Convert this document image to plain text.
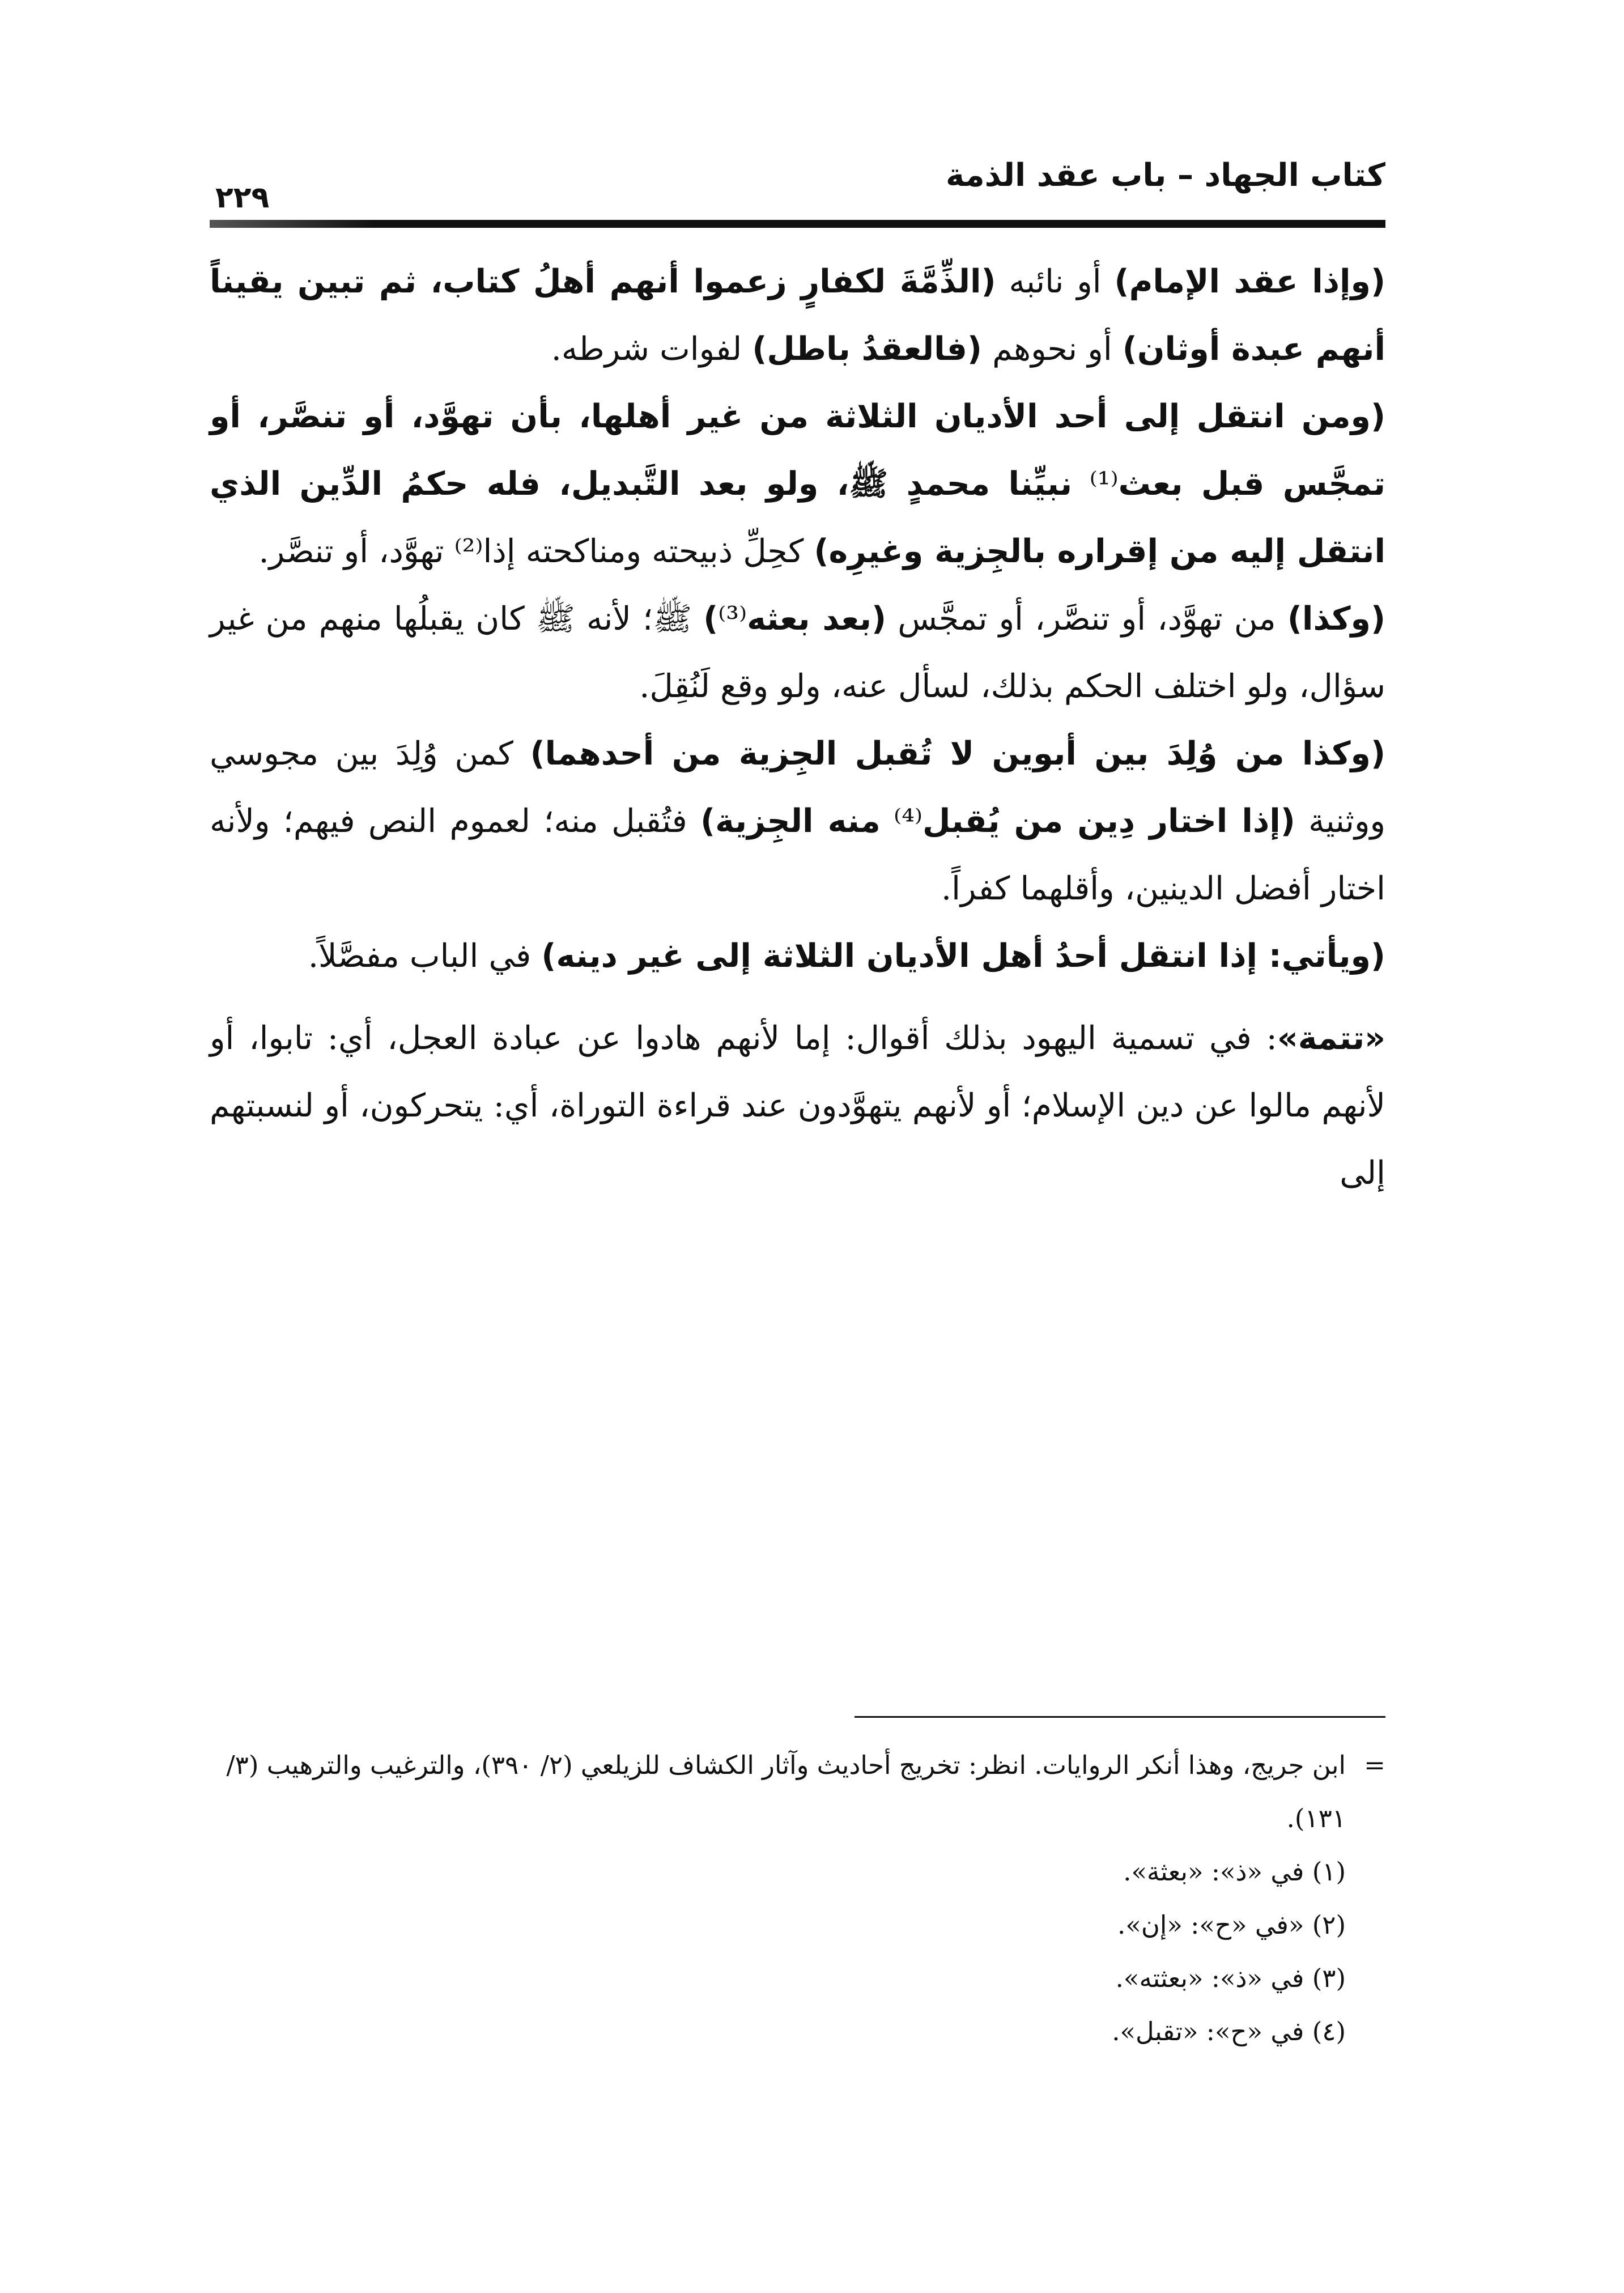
كتاب الجهاد – باب عقد الذمة
٢٢٩

(وإذا عقد الإمام) أو نائبه (الذِّمَّةَ لكفارٍ زعموا أنهم أهلُ كتاب، ثم تبين يقيناً أنهم عبدة أوثان) أو نحوهم (فالعقدُ باطل) لفوات شرطه.

(ومن انتقل إلى أحد الأديان الثلاثة من غير أهلها، بأن تهوَّد، أو تنصَّر، أو تمجَّس قبل بعث⁽¹⁾ نبيِّنا محمدٍ ﷺ، ولو بعد التَّبديل، فله حكمُ الدِّين الذي انتقل إليه من إقراره بالجِزية وغيرِه) كحِلِّ ذبيحته ومناكحته إذا⁽²⁾ تهوَّد، أو تنصَّر.

(وكذا) من تهوَّد، أو تنصَّر، أو تمجَّس (بعد بعثه⁽³⁾) ﷺ؛ لأنه ﷺ كان يقبلُها منهم من غير سؤال، ولو اختلف الحكم بذلك، لسأل عنه، ولو وقع لَنُقِلَ.

(وكذا من وُلِدَ بين أبوين لا تُقبل الجِزية من أحدهما) كمن وُلِدَ بين مجوسي ووثنية (إذا اختار دِين من يُقبل⁽⁴⁾ منه الجِزية) فتُقبل منه؛ لعموم النص فيهم؛ ولأنه اختار أفضل الدينين، وأقلهما كفراً.

(ويأتي: إذا انتقل أحدُ أهل الأديان الثلاثة إلى غير دينه) في الباب مفصَّلاً.

«تتمة»: في تسمية اليهود بذلك أقوال: إما لأنهم هادوا عن عبادة العجل، أي: تابوا، أو لأنهم مالوا عن دين الإسلام؛ أو لأنهم يتهوَّدون عند قراءة التوراة، أي: يتحركون، أو لنسبتهم إلى

=ابن جريج، وهذا أنكر الروايات. انظر: تخريج أحاديث وآثار الكشاف للزيلعي (٢/ ٣٩٠)، والترغيب والترهيب (٣/ ١٣١).

(١) في «ذ»: «بعثة».

(٢) «في «ح»: «إن».

(٣) في «ذ»: «بعثته».

(٤) في «ح»: «تقبل».
